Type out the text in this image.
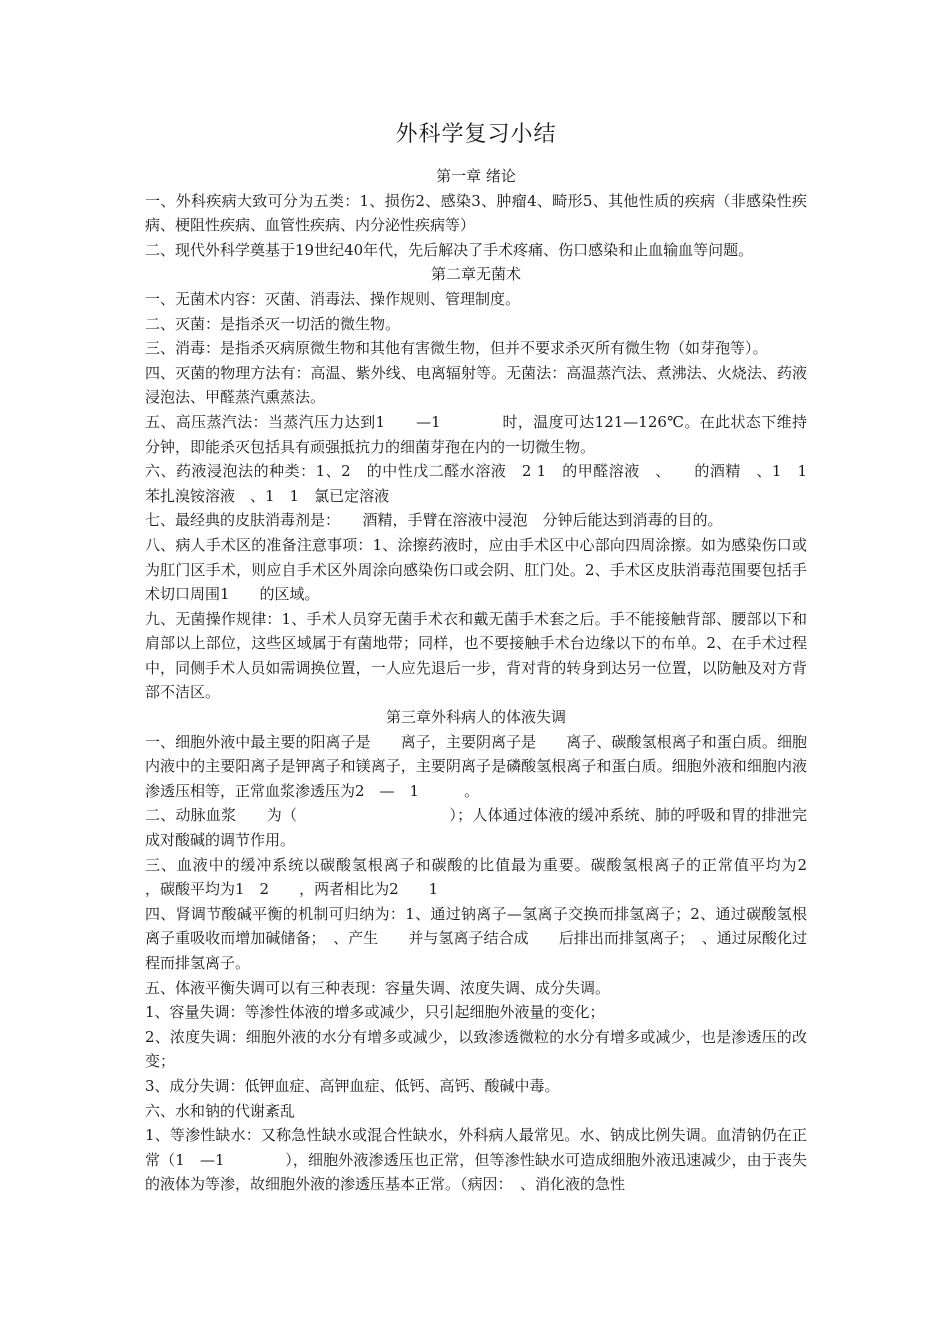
外科学复习小结
第一章 绪论

一、外科疾病大致可分为五类：1、损伤2、感染3、肿瘤4、畸形5、其他性质的疾病（非感染性疾病、梗阻性疾病、血管性疾病、内分泌性疾病等）

二、现代外科学奠基于19世纪40年代，先后解决了手术疼痛、伤口感染和止血输血等问题。

第二章无菌术

一、无菌术内容：灭菌、消毒法、操作规则、管理制度。

二、灭菌：是指杀灭一切活的微生物。

三、消毒：是指杀灭病原微生物和其他有害微生物，但并不要求杀灭所有微生物（如芽孢等）。

四、灭菌的物理方法有：高温、紫外线、电离辐射等。无菌法：高温蒸汽法、煮沸法、火烧法、药液浸泡法、甲醛蒸汽熏蒸法。

五、高压蒸汽法：当蒸汽压力达到1　　—1　　　　时，温度可达121—126℃。在此状态下维持　分钟，即能杀灭包括具有顽强抵抗力的细菌芽孢在内的一切微生物。

六、药液浸泡法的种类：1、2　的中性戊二醛水溶液　2 1　的甲醛溶液　、　　的酒精　、1　1　苯扎溴铵溶液　、1　1　氯已定溶液

七、最经典的皮肤消毒剂是：　　酒精，手臂在溶液中浸泡　分钟后能达到消毒的目的。

八、病人手术区的准备注意事项：1、涂擦药液时，应由手术区中心部向四周涂擦。如为感染伤口或为肛门区手术，则应自手术区外周涂向感染伤口或会阴、肛门处。2、手术区皮肤消毒范围要包括手术切口周围1　　的区域。

九、无菌操作规律：1、手术人员穿无菌手术衣和戴无菌手术套之后。手不能接触背部、腰部以下和肩部以上部位，这些区域属于有菌地带；同样，也不要接触手术台边缘以下的布单。2、在手术过程中，同侧手术人员如需调换位置，一人应先退后一步，背对背的转身到达另一位置，以防触及对方背部不洁区。

第三章外科病人的体液失调

一、细胞外液中最主要的阳离子是　　离子，主要阴离子是　　离子、碳酸氢根离子和蛋白质。细胞内液中的主要阳离子是钾离子和镁离子，主要阴离子是磷酸氢根离子和蛋白质。细胞外液和细胞内液渗透压相等，正常血浆渗透压为2　—　1　　　。

二、动脉血浆　　为（　　　　　　　　　　）；人体通过体液的缓冲系统、肺的呼吸和胃的排泄完成对酸碱的调节作用。

三、血液中的缓冲系统以碳酸氢根离子和碳酸的比值最为重要。碳酸氢根离子的正常值平均为2　　　，碳酸平均为1　2　　，两者相比为2　　1

四、肾调节酸碱平衡的机制可归纳为：1、通过钠离子—氢离子交换而排氢离子；2、通过碳酸氢根离子重吸收而增加碱储备；　、产生　　并与氢离子结合成　　后排出而排氢离子；　、通过尿酸化过程而排氢离子。

五、体液平衡失调可以有三种表现：容量失调、浓度失调、成分失调。

1、容量失调：等渗性体液的增多或减少，只引起细胞外液量的变化；

2、浓度失调：细胞外液的水分有增多或减少，以致渗透微粒的水分有增多或减少，也是渗透压的改变；

3、成分失调：低钾血症、高钾血症、低钙、高钙、酸碱中毒。

六、水和钠的代谢紊乱

1、等渗性缺水：又称急性缺水或混合性缺水，外科病人最常见。水、钠成比例失调。血清钠仍在正常（1　—1　　　　），细胞外液渗透压也正常，但等渗性缺水可造成细胞外液迅速减少，由于丧失的液体为等渗，故细胞外液的渗透压基本正常。（病因：　、消化液的急性
